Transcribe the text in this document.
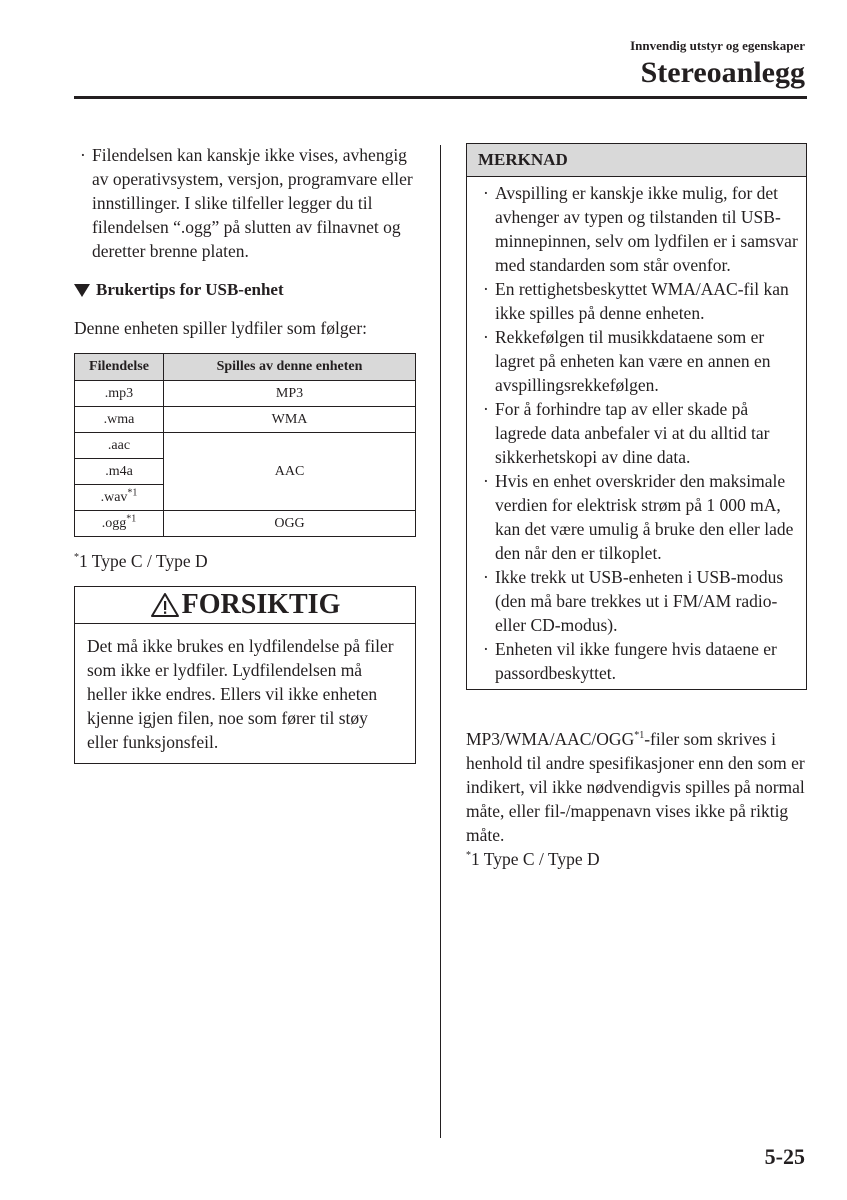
Innvendig utstyr og egenskaper
Stereoanlegg

· Filendelsen kan kanskje ikke vises, avhengig av operativsystem, versjon, programvare eller innstillinger. I slike tilfeller legger du til filendelsen “.ogg” på slutten av filnavnet og deretter brenne platen.

Brukertips for USB-enhet
Denne enheten spiller lydfiler som følger:
Filendelse	Spilles av denne enheten
.mp3	MP3
.wma	WMA
.aac	AAC
.m4a	
.wav$^{*1}$
.ogg$^{*1}$	OGG
*1 Type C / Type D
FORSIKTIG
Det må ikke brukes en lydfilendelse på filer som ikke er lydfiler. Lydfilendelsen må heller ikke endres. Ellers vil ikke enheten kjenne igjen filen, noe som fører til støy eller funksjonsfeil.
MERKNAD

· Avspilling er kanskje ikke mulig, for det avhenger av typen og tilstanden til USB-minnepinnen, selv om lydfilen er i samsvar med standarden som står ovenfor.

· En rettighetsbeskyttet WMA/AAC-fil kan ikke spilles på denne enheten.

· Rekkefølgen til musikkdataene som er lagret på enheten kan være en annen en avspillingsrekkefølgen.

· For å forhindre tap av eller skade på lagrede data anbefaler vi at du alltid tar sikkerhetskopi av dine data.

· Hvis en enhet overskrider den maksimale verdien for elektrisk strøm på 1 000 mA, kan det være umulig å bruke den eller lade den når den er tilkoplet.

· Ikke trekk ut USB-enheten i USB-modus (den må bare trekkes ut i FM/AM radio- eller CD-modus).

· Enheten vil ikke fungere hvis dataene er passordbeskyttet.

MP3/WMA/AAC/OGG$^{*1}$-filer som skrives i henhold til andre spesifikasjoner enn den som er indikert, vil ikke nødvendigvis spilles på normal måte, eller fil-/mappenavn vises ikke på riktig måte.
*1 Type C / Type D
5-25
